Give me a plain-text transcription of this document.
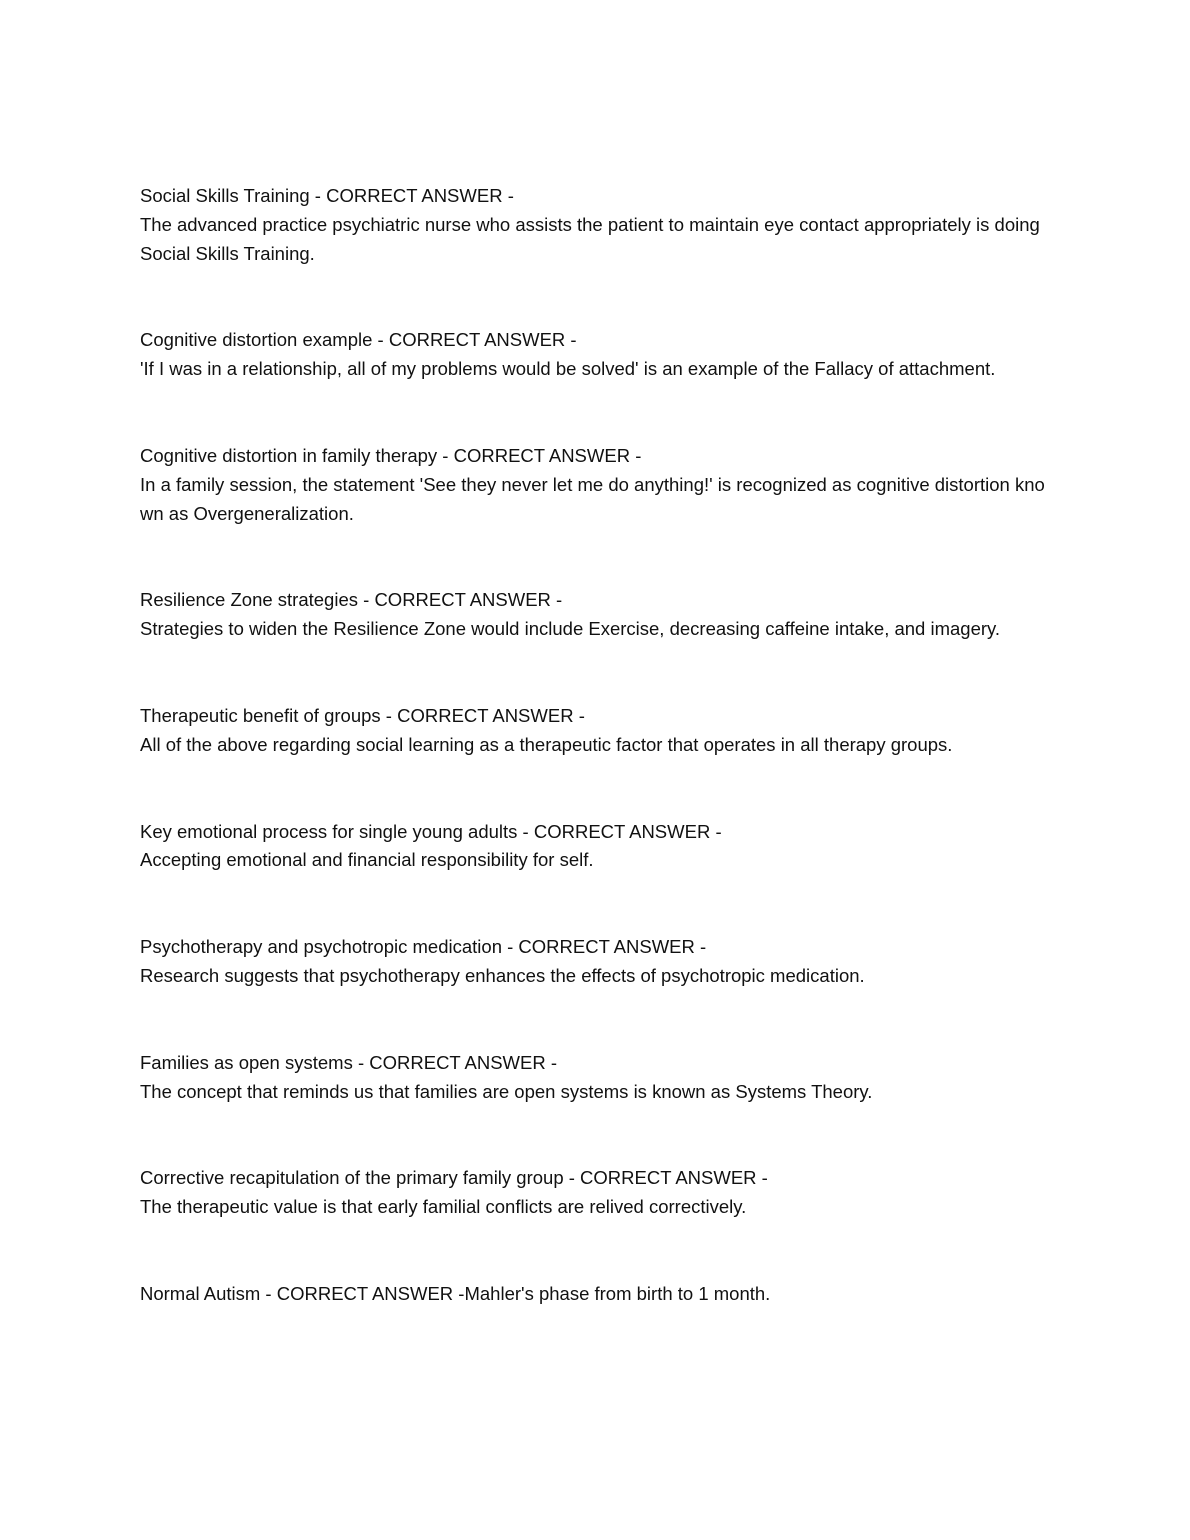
Social Skills Training - CORRECT ANSWER -
The advanced practice psychiatric nurse who assists the patient to maintain eye contact appropriately is doing Social Skills Training.

Cognitive distortion example - CORRECT ANSWER -
'If I was in a relationship, all of my problems would be solved' is an example of the Fallacy of attachment.

Cognitive distortion in family therapy - CORRECT ANSWER -
In a family session, the statement 'See they never let me do anything!' is recognized as cognitive distortion known as Overgeneralization.

Resilience Zone strategies - CORRECT ANSWER -
Strategies to widen the Resilience Zone would include Exercise, decreasing caffeine intake, and imagery.

Therapeutic benefit of groups - CORRECT ANSWER -
All of the above regarding social learning as a therapeutic factor that operates in all therapy groups.

Key emotional process for single young adults - CORRECT ANSWER -
Accepting emotional and financial responsibility for self.

Psychotherapy and psychotropic medication - CORRECT ANSWER -
Research suggests that psychotherapy enhances the effects of psychotropic medication.

Families as open systems - CORRECT ANSWER -
The concept that reminds us that families are open systems is known as Systems Theory.

Corrective recapitulation of the primary family group - CORRECT ANSWER -
The therapeutic value is that early familial conflicts are relived correctively.

Normal Autism - CORRECT ANSWER -Mahler's phase from birth to 1 month.
